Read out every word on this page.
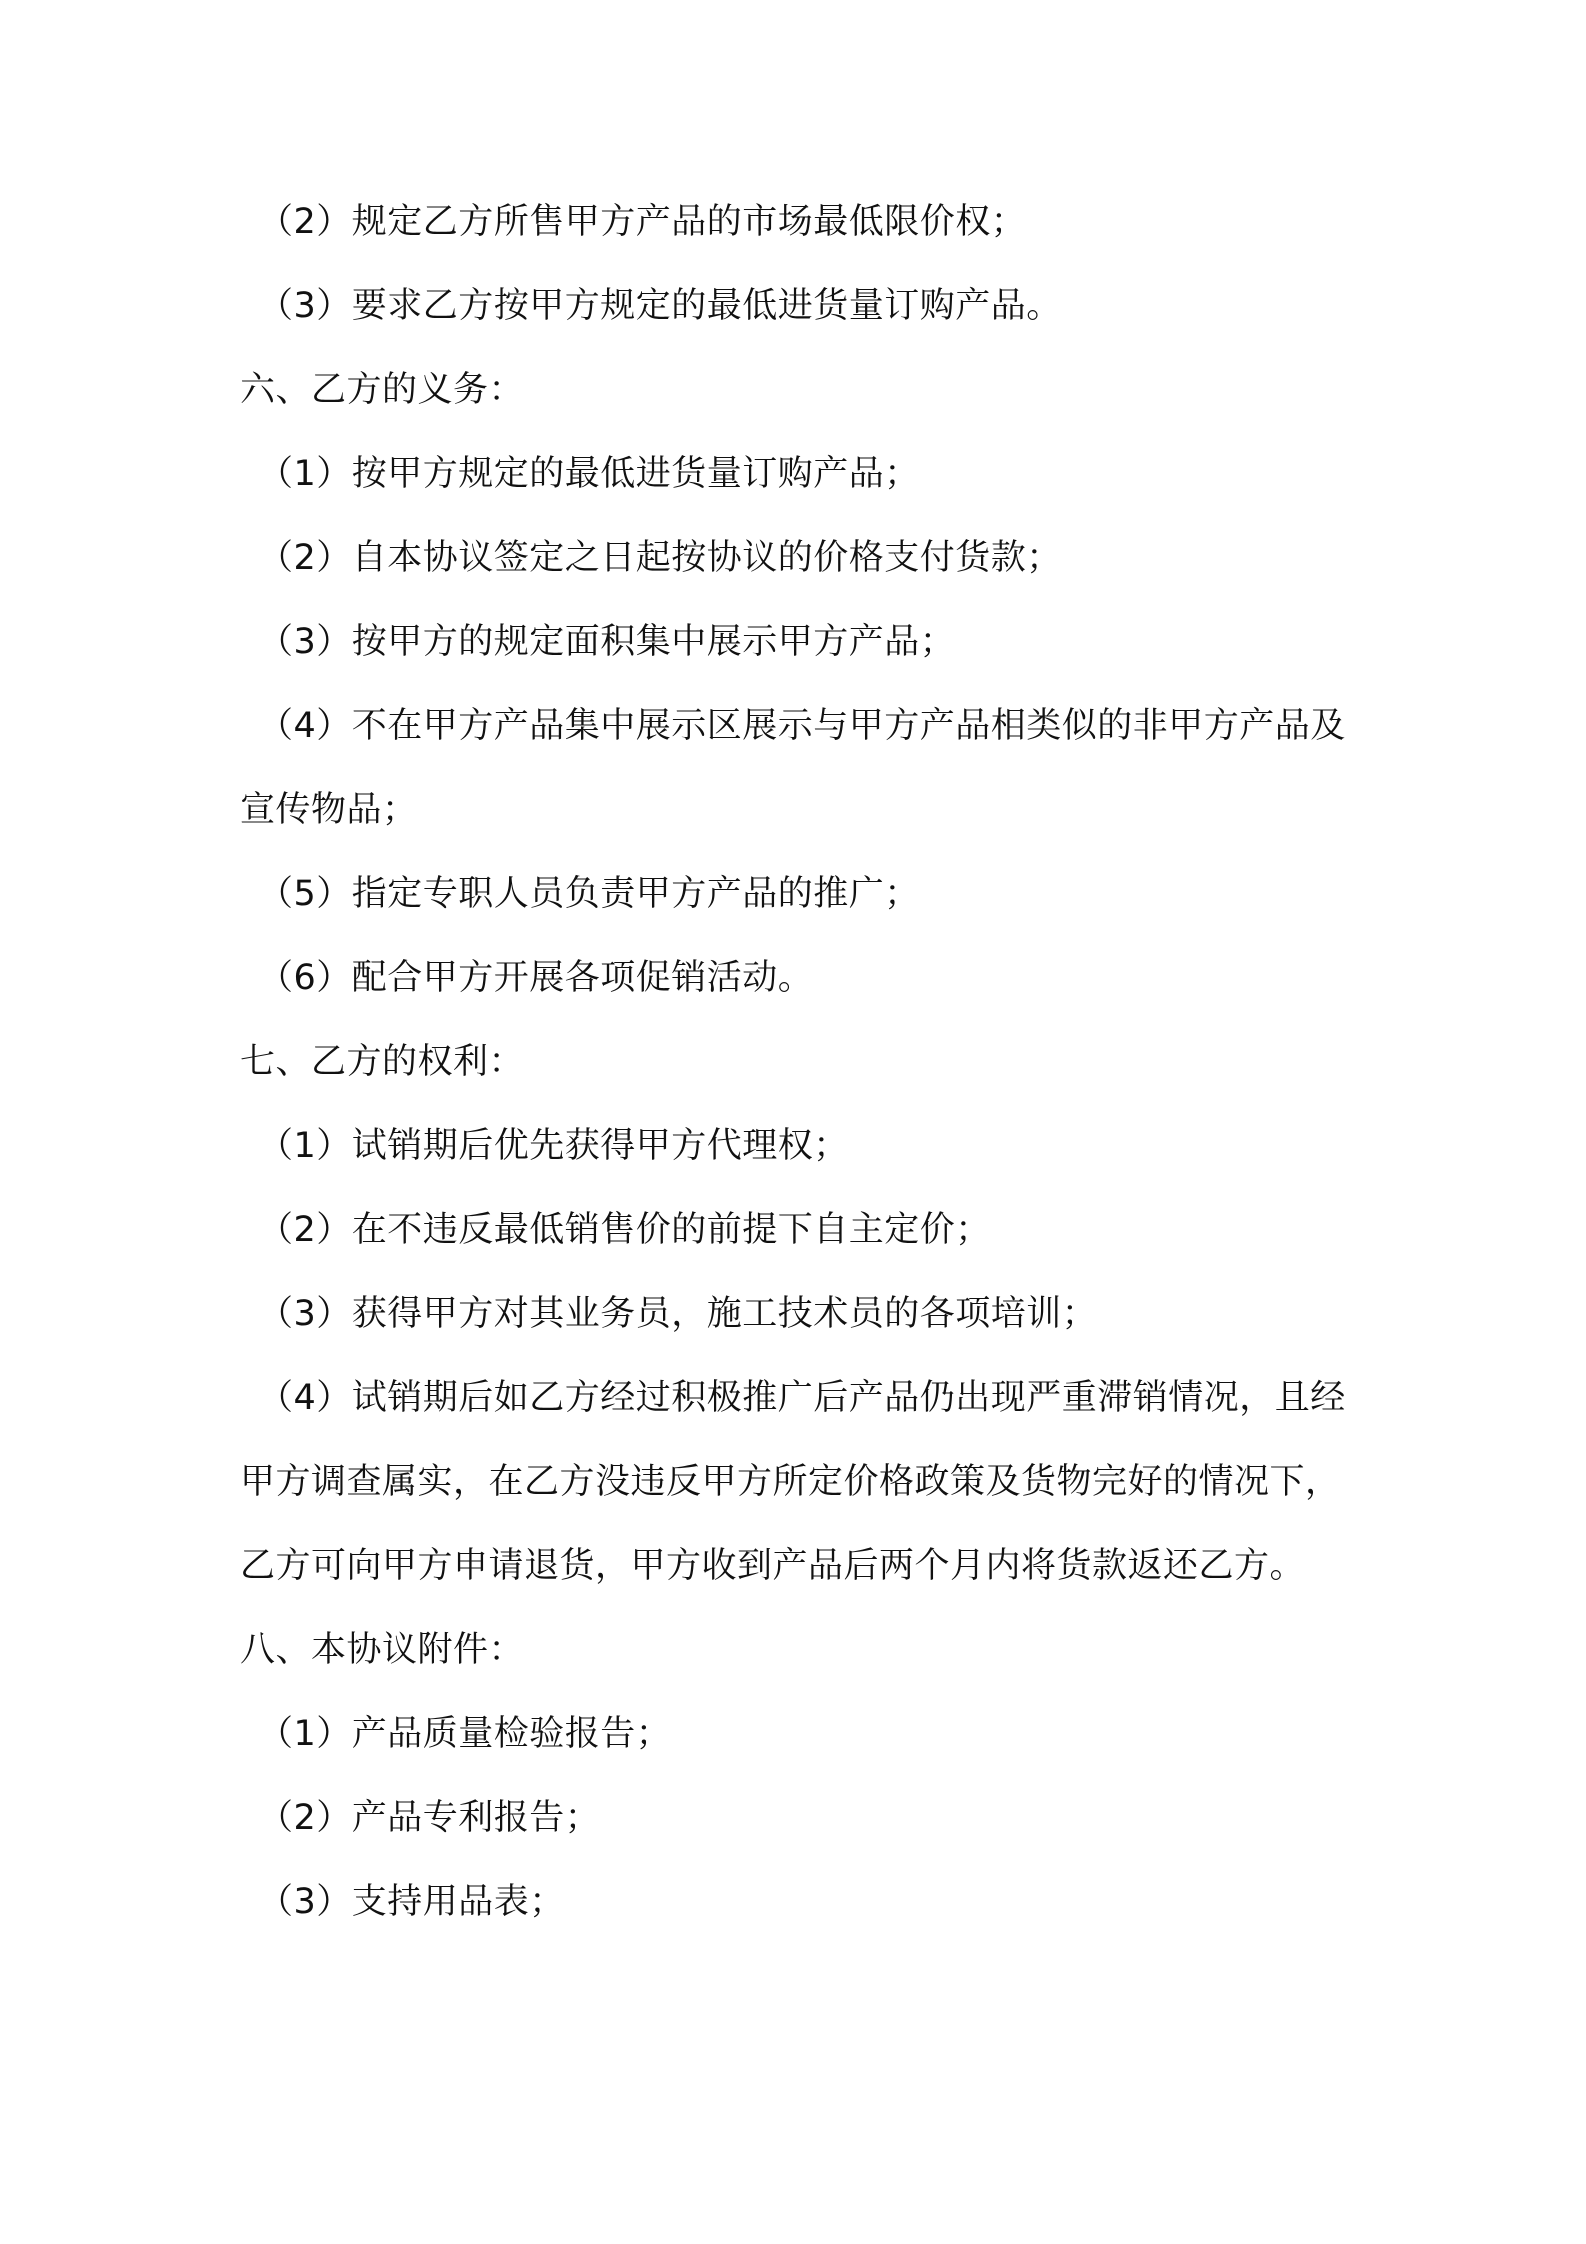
（2）规定乙方所售甲方产品的市场最低限价权；

（3）要求乙方按甲方规定的最低进货量订购产品。

六、乙方的义务：

（1）按甲方规定的最低进货量订购产品；

（2）自本协议签定之日起按协议的价格支付货款；

（3）按甲方的规定面积集中展示甲方产品；

（4）不在甲方产品集中展示区展示与甲方产品相类似的非甲方产品及宣传物品；

（5）指定专职人员负责甲方产品的推广；

（6）配合甲方开展各项促销活动。

七、乙方的权利：

（1）试销期后优先获得甲方代理权；

（2）在不违反最低销售价的前提下自主定价；

（3）获得甲方对其业务员，施工技术员的各项培训；

（4）试销期后如乙方经过积极推广后产品仍出现严重滞销情况，且经甲方调查属实，在乙方没违反甲方所定价格政策及货物完好的情况下，乙方可向甲方申请退货，甲方收到产品后两个月内将货款返还乙方。

八、本协议附件：

（1）产品质量检验报告；

（2）产品专利报告；

（3）支持用品表；
